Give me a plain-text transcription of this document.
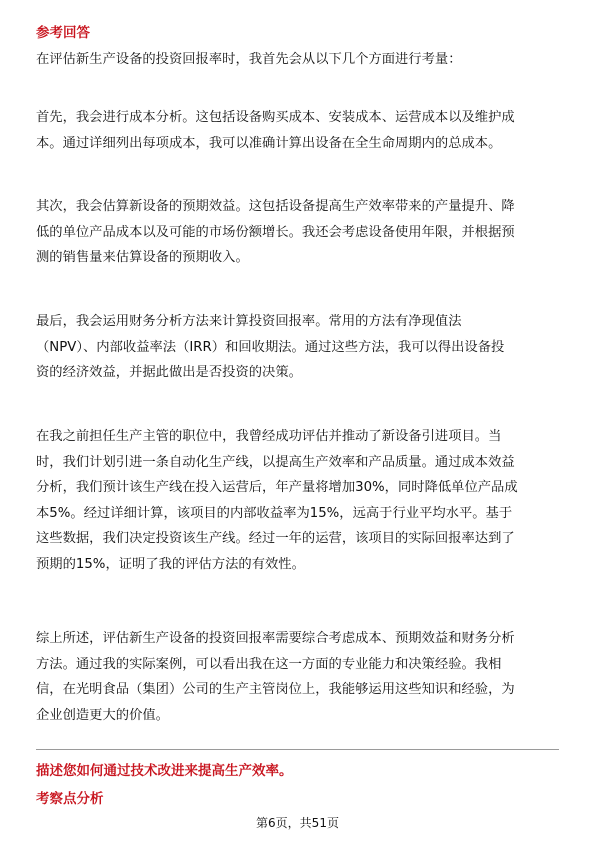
参考回答
在评估新生产设备的投资回报率时，我首先会从以下几个方面进行考量：
首先，我会进行成本分析。这包括设备购买成本、安装成本、运营成本以及维护成
本。通过详细列出每项成本，我可以准确计算出设备在全生命周期内的总成本。
其次，我会估算新设备的预期效益。这包括设备提高生产效率带来的产量提升、降
低的单位产品成本以及可能的市场份额增长。我还会考虑设备使用年限，并根据预
测的销售量来估算设备的预期收入。
最后，我会运用财务分析方法来计算投资回报率。常用的方法有净现值法
（NPV）、内部收益率法（IRR）和回收期法。通过这些方法，我可以得出设备投
资的经济效益，并据此做出是否投资的决策。
在我之前担任生产主管的职位中，我曾经成功评估并推动了新设备引进项目。当
时，我们计划引进一条自动化生产线，以提高生产效率和产品质量。通过成本效益
分析，我们预计该生产线在投入运营后，年产量将增加30%，同时降低单位产品成
本5%。经过详细计算，该项目的内部收益率为15%，远高于行业平均水平。基于
这些数据，我们决定投资该生产线。经过一年的运营，该项目的实际回报率达到了
预期的15%，证明了我的评估方法的有效性。
综上所述，评估新生产设备的投资回报率需要综合考虑成本、预期效益和财务分析
方法。通过我的实际案例，可以看出我在这一方面的专业能力和决策经验。我相
信，在光明食品（集团）公司的生产主管岗位上，我能够运用这些知识和经验，为
企业创造更大的价值。
描述您如何通过技术改进来提高生产效率。
考察点分析
第6页，共51页
